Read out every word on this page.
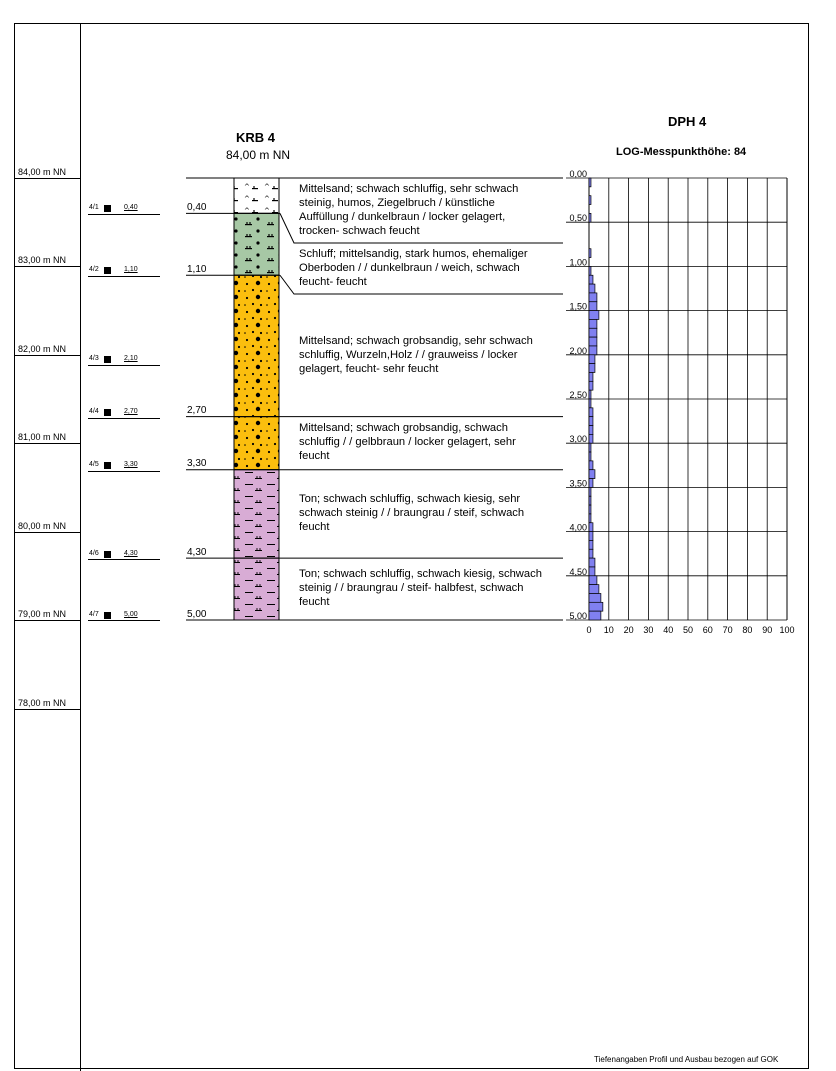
84,00 m NN
83,00 m NN
82,00 m NN
81,00 m NN
80,00 m NN
79,00 m NN
78,00 m NN
KRB 4
84,00 m NN
4/1	0,40
4/2	1,10
4/3	2,10
4/4	2,70
4/5	3,30
4/6	4,30
4/7	5,00
0,40
1,10
2,70
3,30
4,30
5,00
Mittelsand; schwach schluffig, sehr schwach steinig, humos, Ziegelbruch / künstliche Auffüllung / dunkelbraun / locker gelagert, trocken- schwach feucht
Schluff; mittelsandig, stark humos, ehemaliger Oberboden / / dunkelbraun / weich, schwach feucht- feucht
Mittelsand; schwach grobsandig, sehr schwach schluffig, Wurzeln,Holz / / grauweiss / locker gelagert, feucht- sehr feucht
Mittelsand; schwach grobsandig, schwach schluffig / / gelbbraun / locker gelagert, sehr feucht
Ton; schwach schluffig, schwach kiesig, sehr schwach steinig / / braungrau / steif, schwach feucht
Ton; schwach schluffig, schwach kiesig, schwach steinig / / braungrau / steif- halbfest, schwach feucht
DPH 4
LOG-Messpunkthöhe: 84
0,00
0,50
1,00
1,50
2,00
2,50
3,00
3,50
4,00
4,50
5,00
0 10 20 30 40 50 60 70 80 90 100
Tiefenangaben Profil und Ausbau bezogen auf GOK
